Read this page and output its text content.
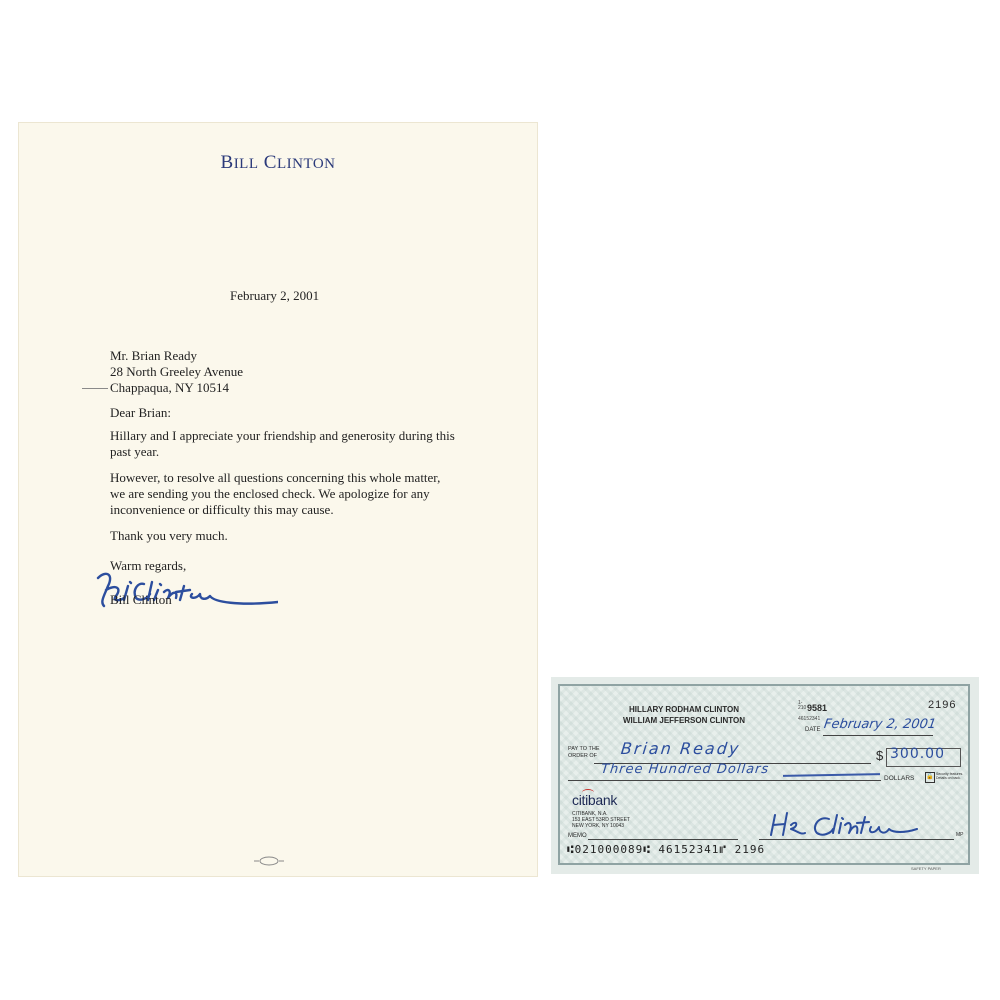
BILL CLINTON
February 2, 2001
Mr. Brian Ready
28 North Greeley Avenue
Chappaqua, NY 10514
Dear Brian:
Hillary and I appreciate your friendship and generosity during this past year.
However, to resolve all questions concerning this whole matter, we are sending you the enclosed check. We apologize for any inconvenience or difficulty this may cause.
Thank you very much.
Warm regards,
Bill Clinton
HILLARY RODHAM CLINTON
WILLIAM JEFFERSON CLINTON
1-
210 9581
46152341
2196
DATE February 2, 2001
PAY TO THE
ORDER OF Brian Ready	$ 300.00
Three Hundred Dollars
DOLLARS 🔒 Security features. Details on back.
citibank
CITIBANK, N.A.
153 EAST 53RD STREET
NEW YORK, NY 10043
MEMO	MP
⑆021000089⑆ 46152341⑈ 2196
SAFETY PAPER
